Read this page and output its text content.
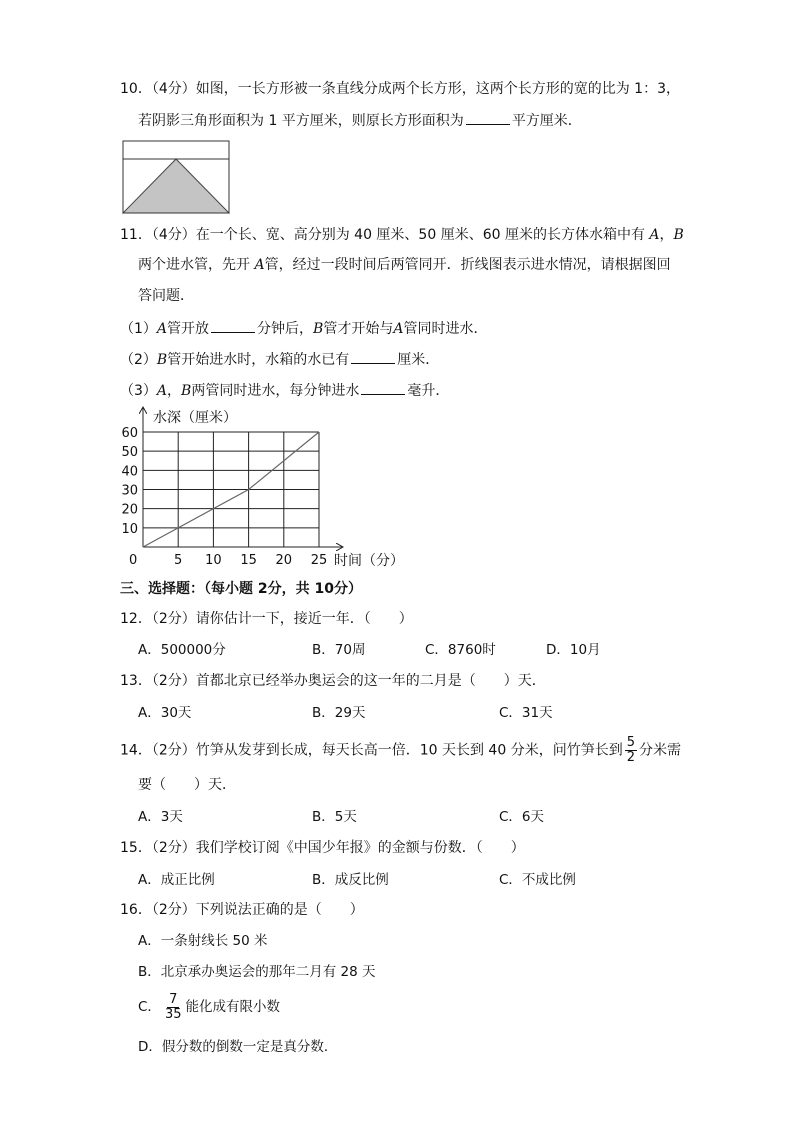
10．（4分）如图，一长方形被一条直线分成两个长方形，这两个长方形的宽的比为 1：3，
若阴影三角形面积为 1 平方厘米，则原长方形面积为	平方厘米．
11．（4分）在一个长、宽、高分别为 40 厘米、50 厘米、60 厘米的长方体水箱中有 A，B
两个进水管，先开 A管，经过一段时间后两管同开．折线图表示进水情况，请根据图回
答问题．
（1）A管开放	分钟后，B管才开始与A管同时进水．
（2）B管开始进水时，水箱的水已有	厘米．
（3）A，B两管同时进水，每分钟进水	毫升．
5 10 15 20 25
10
20
30
40
50
60
水深（厘米）
时间（分）
0
三、选择题：（每小题 2分，共 10分）
12．（2分）请你估计一下，接近一年．（　　）
A．500000分	B．70周	C．8760时	D．10月
13．（2分）首都北京已经举办奥运会的这一年的二月是（　　）天．
A．30天	B．29天	C．31天
14．（2分）竹笋从发芽到长成，每天长高一倍．10 天长到 40 分米，问竹笋长到 $\frac{5}{2}$ 分米需
要（　　）天．
A．3天	B．5天	C．6天
15．（2分）我们学校订阅《中国少年报》的金额与份数．（　　）
A．成正比例	B．成反比例	C．不成比例
16．（2分）下列说法正确的是（　　）
A．一条射线长 50 米
B．北京承办奥运会的那年二月有 28 天
C． $\frac{7}{35}$ 能化成有限小数
D．假分数的倒数一定是真分数．
